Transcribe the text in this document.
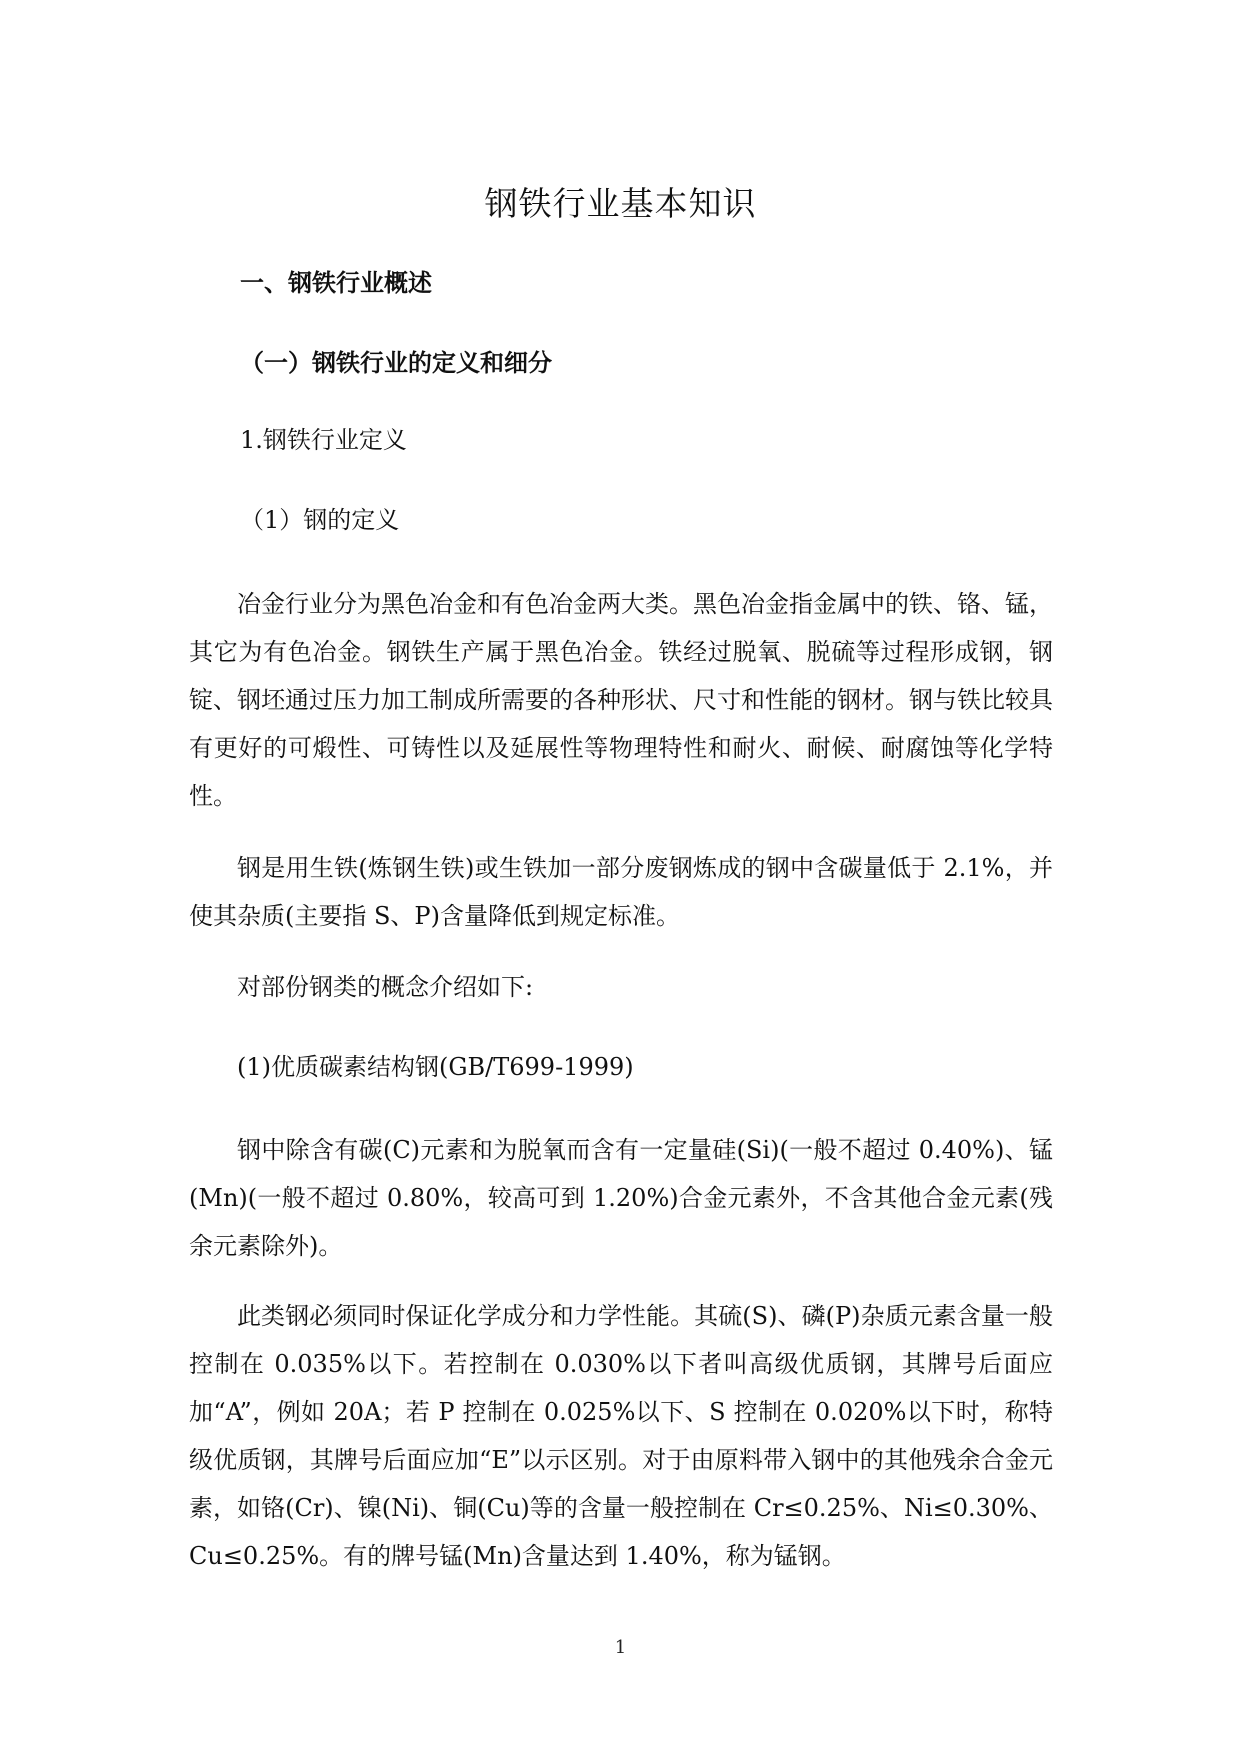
钢铁行业基本知识
一、钢铁行业概述
（一）钢铁行业的定义和细分
1.钢铁行业定义
（1）钢的定义

冶金行业分为黑色冶金和有色冶金两大类。黑色冶金指金属中的铁、铬、锰，其它为有色冶金。钢铁生产属于黑色冶金。铁经过脱氧、脱硫等过程形成钢，钢锭、钢坯通过压力加工制成所需要的各种形状、尺寸和性能的钢材。钢与铁比较具有更好的可煅性、可铸性以及延展性等物理特性和耐火、耐候、耐腐蚀等化学特性。

钢是用生铁(炼钢生铁)或生铁加一部分废钢炼成的钢中含碳量低于 2.1%，并使其杂质(主要指 S、P)含量降低到规定标准。

对部份钢类的概念介绍如下:

(1)优质碳素结构钢(GB/T699-1999)

钢中除含有碳(C)元素和为脱氧而含有一定量硅(Si)(一般不超过 0.40%)、锰(Mn)(一般不超过 0.80%，较高可到 1.20%)合金元素外，不含其他合金元素(残余元素除外)。

此类钢必须同时保证化学成分和力学性能。其硫(S)、磷(P)杂质元素含量一般控制在 0.035%以下。若控制在 0.030%以下者叫高级优质钢，其牌号后面应加“A”，例如 20A；若 P 控制在 0.025%以下、S 控制在 0.020%以下时，称特级优质钢，其牌号后面应加“E”以示区别。对于由原料带入钢中的其他残余合金元素，如铬(Cr)、镍(Ni)、铜(Cu)等的含量一般控制在 Cr≤0.25%、Ni≤0.30%、Cu≤0.25%。有的牌号锰(Mn)含量达到 1.40%，称为锰钢。

1
